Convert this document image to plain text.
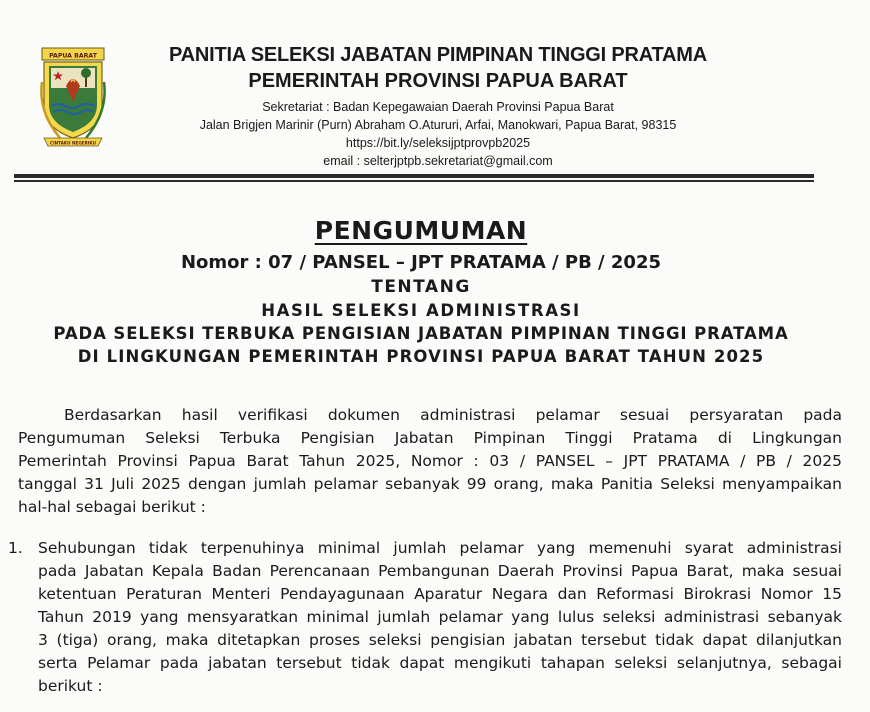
PAPUA BARAT
CINTAKU NEGERIKU
PANITIA SELEKSI JABATAN PIMPINAN TINGGI PRATAMA
PEMERINTAH PROVINSI PAPUA BARAT
Sekretariat : Badan Kepegawaian Daerah Provinsi Papua Barat
Jalan Brigjen Marinir (Purn) Abraham O.Atururi, Arfai, Manokwari, Papua Barat, 98315
https://bit.ly/seleksijptprovpb2025
email : selterjptpb.sekretariat@gmail.com
PENGUMUMAN
Nomor : 07 / PANSEL – JPT PRATAMA / PB / 2025
TENTANG
HASIL SELEKSI ADMINISTRASI
PADA SELEKSI TERBUKA PENGISIAN JABATAN PIMPINAN TINGGI PRATAMA
DI LINGKUNGAN PEMERINTAH PROVINSI PAPUA BARAT TAHUN 2025
Berdasarkan hasil verifikasi dokumen administrasi pelamar sesuai persyaratan pada
Pengumuman Seleksi Terbuka Pengisian Jabatan Pimpinan Tinggi Pratama di Lingkungan
Pemerintah Provinsi Papua Barat Tahun 2025, Nomor : 03 / PANSEL – JPT PRATAMA / PB / 2025
tanggal 31 Juli 2025 dengan jumlah pelamar sebanyak 99 orang, maka Panitia Seleksi menyampaikan
hal-hal sebagai berikut :
1. Sehubungan tidak terpenuhinya minimal jumlah pelamar yang memenuhi syarat administrasi
pada Jabatan Kepala Badan Perencanaan Pembangunan Daerah Provinsi Papua Barat, maka sesuai
ketentuan Peraturan Menteri Pendayagunaan Aparatur Negara dan Reformasi Birokrasi Nomor 15
Tahun 2019 yang mensyaratkan minimal jumlah pelamar yang lulus seleksi administrasi sebanyak
3 (tiga) orang, maka ditetapkan proses seleksi pengisian jabatan tersebut tidak dapat dilanjutkan
serta Pelamar pada jabatan tersebut tidak dapat mengikuti tahapan seleksi selanjutnya, sebagai
berikut :
